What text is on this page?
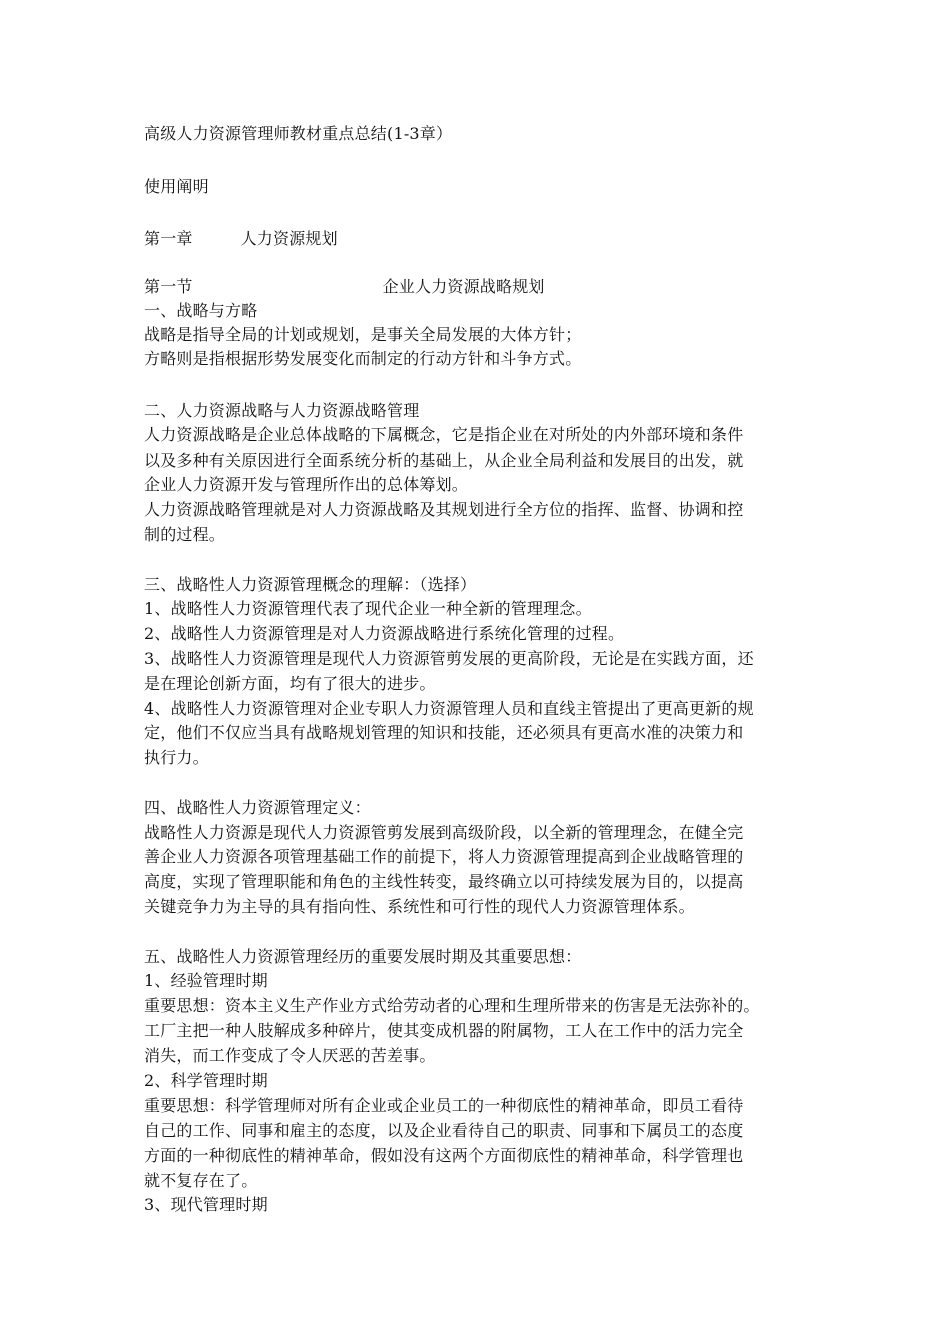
高级人力资源管理师教材重点总结(1-3章）
使用阐明
第一章	人力资源规划
第一节	企业人力资源战略规划
一、战略与方略
战略是指导全局的计划或规划，是事关全局发展的大体方针；
方略则是指根据形势发展变化而制定的行动方针和斗争方式。
二、人力资源战略与人力资源战略管理
人力资源战略是企业总体战略的下属概念，它是指企业在对所处的内外部环境和条件
以及多种有关原因进行全面系统分析的基础上，从企业全局利益和发展目的出发，就
企业人力资源开发与管理所作出的总体筹划。
人力资源战略管理就是对人力资源战略及其规划进行全方位的指挥、监督、协调和控
制的过程。
三、战略性人力资源管理概念的理解：（选择）
1、战略性人力资源管理代表了现代企业一种全新的管理理念。
2、战略性人力资源管理是对人力资源战略进行系统化管理的过程。
3、战略性人力资源管理是现代人力资源管剪发展的更高阶段，无论是在实践方面，还
是在理论创新方面，均有了很大的进步。
4、战略性人力资源管理对企业专职人力资源管理人员和直线主管提出了更高更新的规
定，他们不仅应当具有战略规划管理的知识和技能，还必须具有更高水准的决策力和
执行力。
四、战略性人力资源管理定义：
战略性人力资源是现代人力资源管剪发展到高级阶段，以全新的管理理念，在健全完
善企业人力资源各项管理基础工作的前提下，将人力资源管理提高到企业战略管理的
高度，实现了管理职能和角色的主线性转变，最终确立以可持续发展为目的，以提高
关键竞争力为主导的具有指向性、系统性和可行性的现代人力资源管理体系。
五、战略性人力资源管理经历的重要发展时期及其重要思想：
1、经验管理时期
重要思想：资本主义生产作业方式给劳动者的心理和生理所带来的伤害是无法弥补的。
工厂主把一种人肢解成多种碎片，使其变成机器的附属物，工人在工作中的活力完全
消失，而工作变成了令人厌恶的苦差事。
2、科学管理时期
重要思想：科学管理师对所有企业或企业员工的一种彻底性的精神革命，即员工看待
自己的工作、同事和雇主的态度，以及企业看待自己的职责、同事和下属员工的态度
方面的一种彻底性的精神革命，假如没有这两个方面彻底性的精神革命，科学管理也
就不复存在了。
3、现代管理时期
